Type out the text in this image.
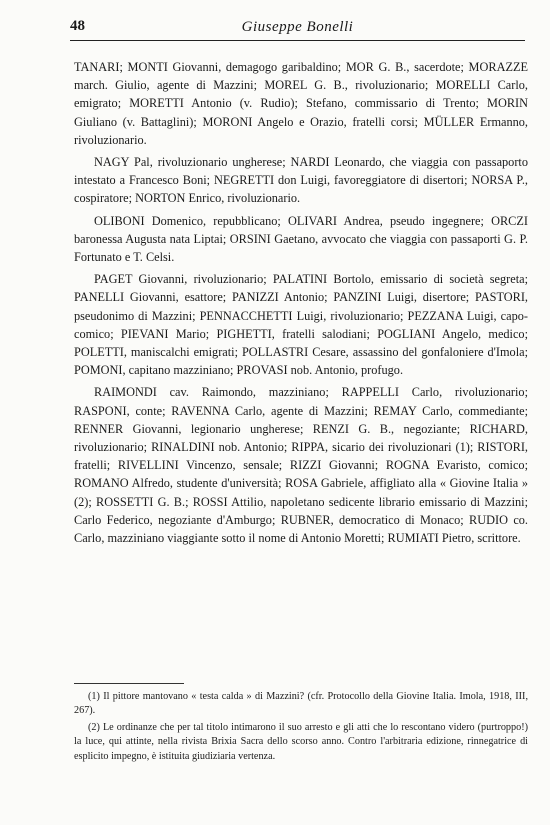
48	Giuseppe Bonelli

TANARI; MONTI Giovanni, demagogo garibaldino; MOR G. B., sacerdote; MORAZZE march. Giulio, agente di Mazzini; MOREL G. B., rivoluzionario; MORELLI Carlo, emigrato; MORETTI Antonio (v. Rudio); Stefano, commissario di Trento; MORIN Giuliano (v. Battaglini); MORONI Angelo e Orazio, fratelli corsi; MÜLLER Ermanno, rivoluzionario.

NAGY Pal, rivoluzionario ungherese; NARDI Leonardo, che viaggia con passaporto intestato a Francesco Boni; NEGRETTI don Luigi, favoreggiatore di disertori; NORSA P., cospiratore; NORTON Enrico, rivoluzionario.

OLIBONI Domenico, repubblicano; OLIVARI Andrea, pseudo ingegnere; ORCZI baronessa Augusta nata Liptai; ORSINI Gaetano, avvocato che viaggia con passaporti G. P. Fortunato e T. Celsi.

PAGET Giovanni, rivoluzionario; PALATINI Bortolo, emissario di società segreta; PANELLI Giovanni, esattore; PANIZZI Antonio; PANZINI Luigi, disertore; PASTORI, pseudonimo di Mazzini; PENNACCHETTI Luigi, rivoluzionario; PEZZANA Luigi, capo-comico; PIEVANI Mario; PIGHETTI, fratelli salodiani; POGLIANI Angelo, medico; POLETTI, maniscalchi emigrati; POLLASTRI Cesare, assassino del gonfaloniere d'Imola; POMONI, capitano mazziniano; PROVASI nob. Antonio, profugo.

RAIMONDI cav. Raimondo, mazziniano; RAPPELLI Carlo, rivoluzionario; RASPONI, conte; RAVENNA Carlo, agente di Mazzini; REMAY Carlo, commediante; RENNER Giovanni, legionario ungherese; RENZI G. B., negoziante; RICHARD, rivoluzionario; RINALDINI nob. Antonio; RIPPA, sicario dei rivoluzionari (1); RISTORI, fratelli; RIVELLINI Vincenzo, sensale; RIZZI Giovanni; ROGNA Evaristo, comico; ROMANO Alfredo, studente d'università; ROSA Gabriele, affigliato alla « Giovine Italia » (2); ROSSETTI G. B.; ROSSI Attilio, napoletano sedicente librario emissario di Mazzini; Carlo Federico, negoziante d'Amburgo; RUBNER, democratico di Monaco; RUDIO co. Carlo, mazziniano viaggiante sotto il nome di Antonio Moretti; RUMIATI Pietro, scrittore.

(1) Il pittore mantovano « testa calda » di Mazzini? (cfr. Protocollo della Giovine Italia. Imola, 1918, III, 267).

(2) Le ordinanze che per tal titolo intimarono il suo arresto e gli atti che lo rescontano videro (purtroppo!) la luce, qui attinte, nella rivista Brixia Sacra dello scorso anno. Contro l'arbitraria edizione, rinnegatrice di esplicito impegno, è istituita giudiziaria vertenza.
